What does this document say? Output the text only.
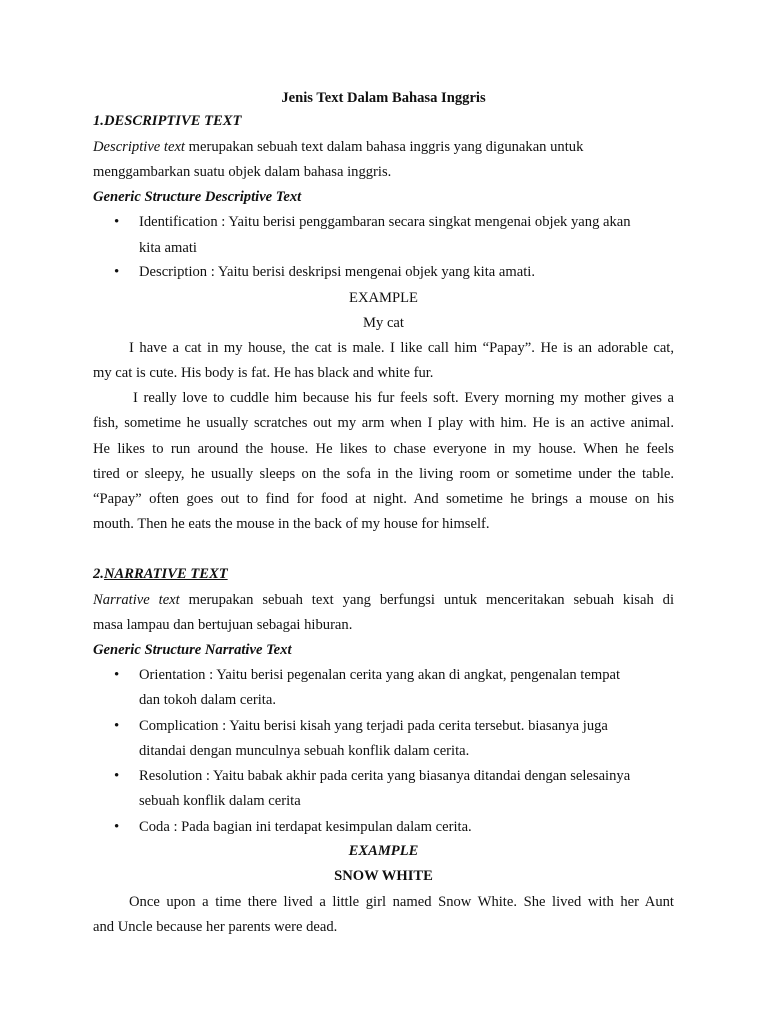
Jenis Text Dalam Bahasa Inggris
1.DESCRIPTIVE TEXT
Descriptive text merupakan sebuah text dalam bahasa inggris yang digunakan untuk
menggambarkan suatu objek dalam bahasa inggris.
Generic Structure Descriptive Text
• Identification : Yaitu berisi penggambaran secara singkat mengenai objek yang akan
kita amati
• Description : Yaitu berisi deskripsi mengenai objek yang kita amati.
EXAMPLE
My cat
I have a cat in my house, the cat is male. I like call him “Papay”. He is an adorable cat,
my cat is cute. His body is fat. He has black and white fur.
I really love to cuddle him because his fur feels soft. Every morning my mother gives a
fish, sometime he usually scratches out my arm when I play with him. He is an active animal.
He likes to run around the house. He likes to chase everyone in my house. When he feels
tired or sleepy, he usually sleeps on the sofa in the living room or sometime under the table.
“Papay” often goes out to find for food at night. And sometime he brings a mouse on his
mouth. Then he eats the mouse in the back of my house for himself.
2.NARRATIVE TEXT
Narrative text merupakan sebuah text yang berfungsi untuk menceritakan sebuah kisah di
masa lampau dan bertujuan sebagai hiburan.
Generic Structure Narrative Text
• Orientation : Yaitu berisi pegenalan cerita yang akan di angkat, pengenalan tempat
dan tokoh dalam cerita.
• Complication : Yaitu berisi kisah yang terjadi pada cerita tersebut. biasanya juga
ditandai dengan munculnya sebuah konflik dalam cerita.
• Resolution : Yaitu babak akhir pada cerita yang biasanya ditandai dengan selesainya
sebuah konflik dalam cerita
• Coda : Pada bagian ini terdapat kesimpulan dalam cerita.
EXAMPLE
SNOW WHITE
Once upon a time there lived a little girl named Snow White. She lived with her Aunt
and Uncle because her parents were dead.
